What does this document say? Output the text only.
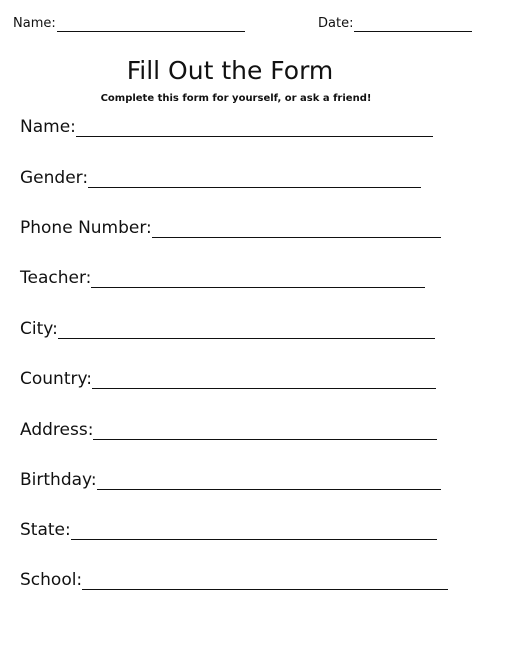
Name:	Date:
Fill Out the Form
Complete this form for yourself, or ask a friend!
Name:
Gender:
Phone Number:
Teacher:
City:
Country:
Address:
Birthday:
State:
School:
